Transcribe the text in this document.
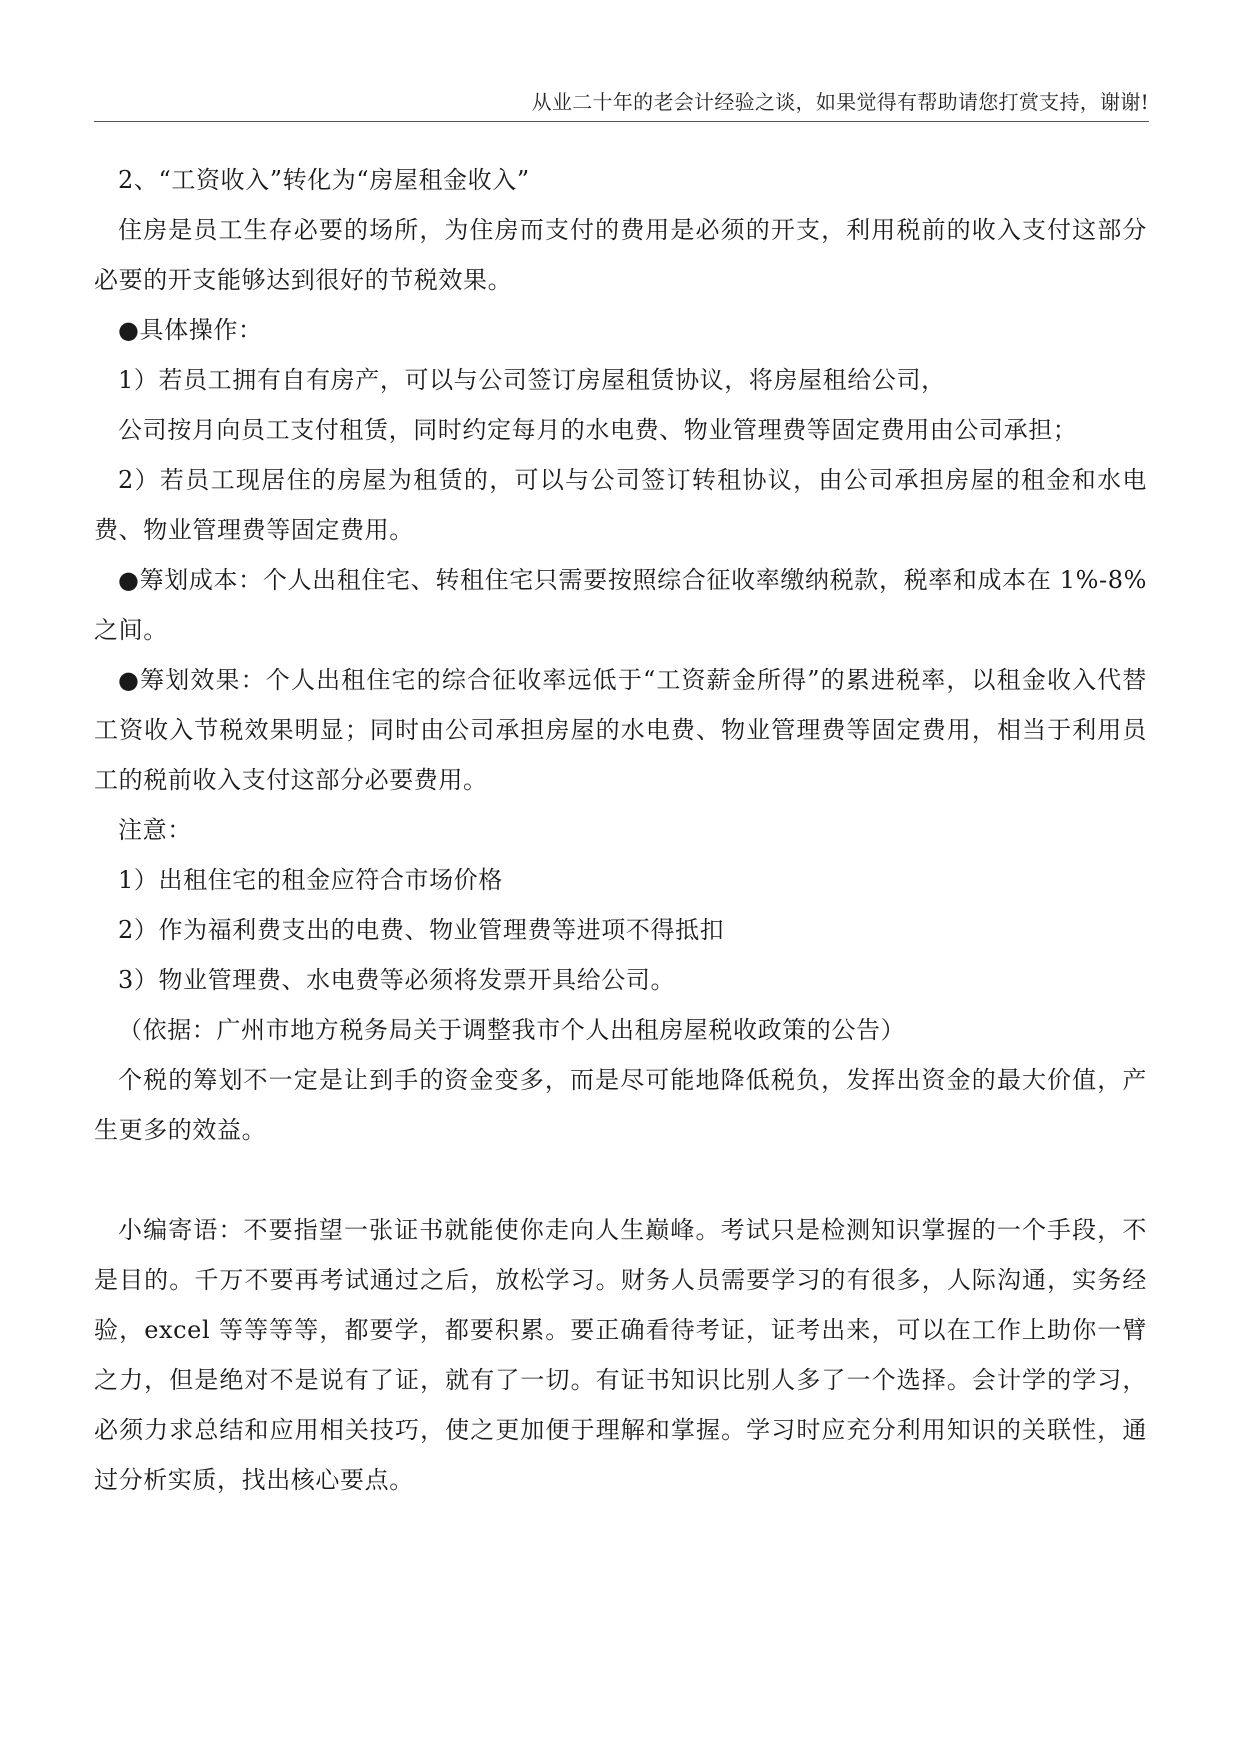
从业二十年的老会计经验之谈，如果觉得有帮助请您打赏支持，谢谢!

2、“工资收入”转化为“房屋租金收入”

住房是员工生存必要的场所，为住房而支付的费用是必须的开支，利用税前的收入支付这部分必要的开支能够达到很好的节税效果。

●具体操作：

1）若员工拥有自有房产，可以与公司签订房屋租赁协议，将房屋租给公司，

公司按月向员工支付租赁，同时约定每月的水电费、物业管理费等固定费用由公司承担；

2）若员工现居住的房屋为租赁的，可以与公司签订转租协议，由公司承担房屋的租金和水电费、物业管理费等固定费用。

●筹划成本：个人出租住宅、转租住宅只需要按照综合征收率缴纳税款，税率和成本在 1%-8%之间。

●筹划效果：个人出租住宅的综合征收率远低于“工资薪金所得”的累进税率，以租金收入代替工资收入节税效果明显；同时由公司承担房屋的水电费、物业管理费等固定费用，相当于利用员工的税前收入支付这部分必要费用。

注意：

1）出租住宅的租金应符合市场价格

2）作为福利费支出的电费、物业管理费等进项不得抵扣

3）物业管理费、水电费等必须将发票开具给公司。

（依据：广州市地方税务局关于调整我市个人出租房屋税收政策的公告）

个税的筹划不一定是让到手的资金变多，而是尽可能地降低税负，发挥出资金的最大价值，产生更多的效益。

小编寄语：不要指望一张证书就能使你走向人生巅峰。考试只是检测知识掌握的一个手段，不是目的。千万不要再考试通过之后，放松学习。财务人员需要学习的有很多，人际沟通，实务经验，excel 等等等等，都要学，都要积累。要正确看待考证，证考出来，可以在工作上助你一臂之力，但是绝对不是说有了证，就有了一切。有证书知识比别人多了一个选择。会计学的学习，必须力求总结和应用相关技巧，使之更加便于理解和掌握。学习时应充分利用知识的关联性，通过分析实质，找出核心要点。
